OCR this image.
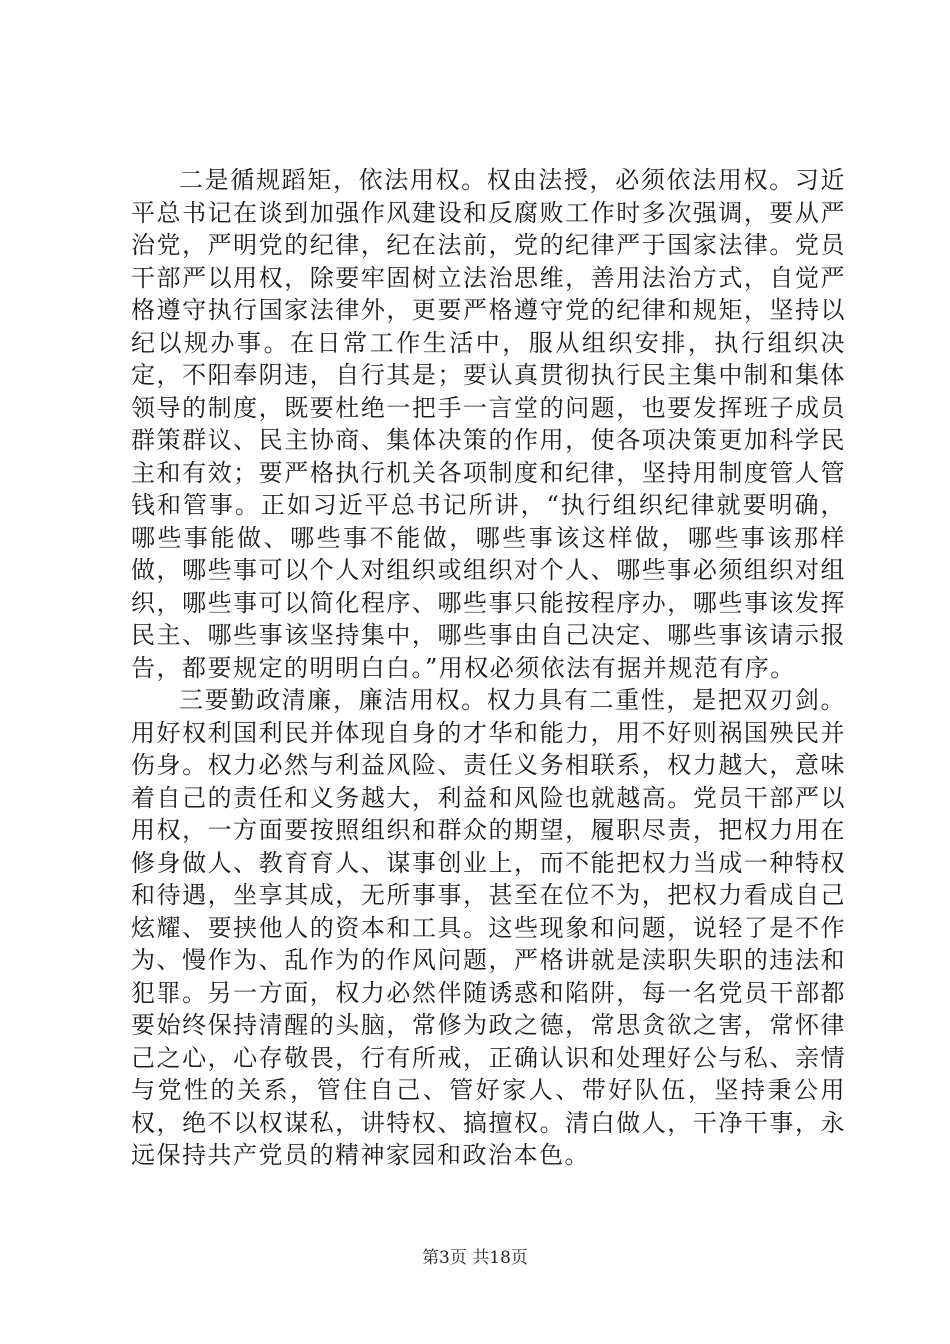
二是循规蹈矩，依法用权。权由法授，必须依法用权。习近平总书记在谈到加强作风建设和反腐败工作时多次强调，要从严治党，严明党的纪律，纪在法前，党的纪律严于国家法律。党员干部严以用权，除要牢固树立法治思维，善用法治方式，自觉严格遵守执行国家法律外，更要严格遵守党的纪律和规矩，坚持以纪以规办事。在日常工作生活中，服从组织安排，执行组织决定，不阳奉阴违，自行其是；要认真贯彻执行民主集中制和集体领导的制度，既要杜绝一把手一言堂的问题，也要发挥班子成员群策群议、民主协商、集体决策的作用，使各项决策更加科学民主和有效；要严格执行机关各项制度和纪律，坚持用制度管人管钱和管事。正如习近平总书记所讲，“执行组织纪律就要明确，哪些事能做、哪些事不能做，哪些事该这样做，哪些事该那样做，哪些事可以个人对组织或组织对个人、哪些事必须组织对组织，哪些事可以简化程序、哪些事只能按程序办，哪些事该发挥民主、哪些事该坚持集中，哪些事由自己决定、哪些事该请示报告，都要规定的明明白白。”用权必须依法有据并规范有序。

三要勤政清廉，廉洁用权。权力具有二重性，是把双刃剑。用好权利国利民并体现自身的才华和能力，用不好则祸国殃民并伤身。权力必然与利益风险、责任义务相联系，权力越大，意味着自己的责任和义务越大，利益和风险也就越高。党员干部严以用权，一方面要按照组织和群众的期望，履职尽责，把权力用在修身做人、教育育人、谋事创业上，而不能把权力当成一种特权和待遇，坐享其成，无所事事，甚至在位不为，把权力看成自己炫耀、要挟他人的资本和工具。这些现象和问题，说轻了是不作为、慢作为、乱作为的作风问题，严格讲就是渎职失职的违法和犯罪。另一方面，权力必然伴随诱惑和陷阱，每一名党员干部都要始终保持清醒的头脑，常修为政之德，常思贪欲之害，常怀律己之心，心存敬畏，行有所戒，正确认识和处理好公与私、亲情与党性的关系，管住自己、管好家人、带好队伍，坚持秉公用权，绝不以权谋私，讲特权、搞擅权。清白做人，干净干事，永远保持共产党员的精神家园和政治本色。

第3页 共18页
